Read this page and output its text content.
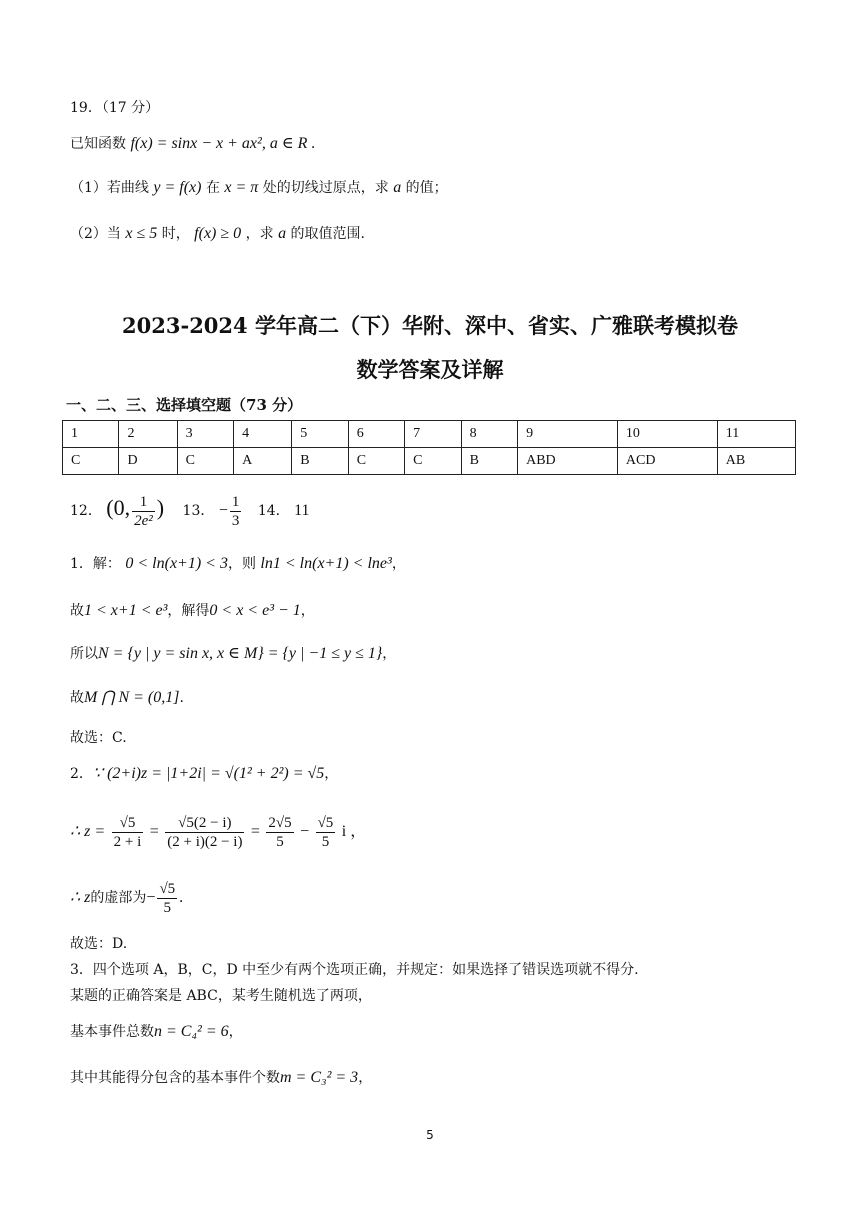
19．（17 分）
已知函数 f(x) = sinx − x + ax², a ∈ R .
（1）若曲线 y = f(x) 在 x = π 处的切线过原点，求 a 的值；
（2）当 x ≤ 5 时， f(x) ≥ 0 ，求 a 的取值范围.
2023-2024 学年高二（下）华附、深中、省实、广雅联考模拟卷
数学答案及详解
一、二、三、选择填空题（73 分）
1	2	3	4	5	6	7	8	9	10	11
C	D	C	A	B	C	C	B	ABD	ACD	AB
12． (0, $\frac{1}{\text{2e²}}$ ) 13． − $\frac{1}{3} 14$． 11
1．解： 0 < ln(x+1) < 3，则 ln1 < ln(x+1) < lne³，
故1 < x+1 < e³，解得0 < x < e³ − 1，
所以N = {y | y = sin x, x ∈ M} = {y | −1 ≤ y ≤ 1}，
故M ⋂ N = (0,1].
故选：C.
2．∵ (2+i)z = |1+2i| = √(1² + 2²) = √5，
∴ $z = \frac{√5}{2 + i} = \frac{√5(2 - i)}{(2 + i)(2 - i)} = \frac{2√5}{5} - \frac{√5}{5}$ i ，
∴ z的虚部为− $\frac{√5}{5}$ .
故选：D.
3．四个选项 A，B，C，D 中至少有两个选项正确，并规定：如果选择了错误选项就不得分.
某题的正确答案是 ABC，某考生随机选了两项，
基本事件总数n = C₄² = 6，
其中其能得分包含的基本事件个数m = C₃² = 3，
5
